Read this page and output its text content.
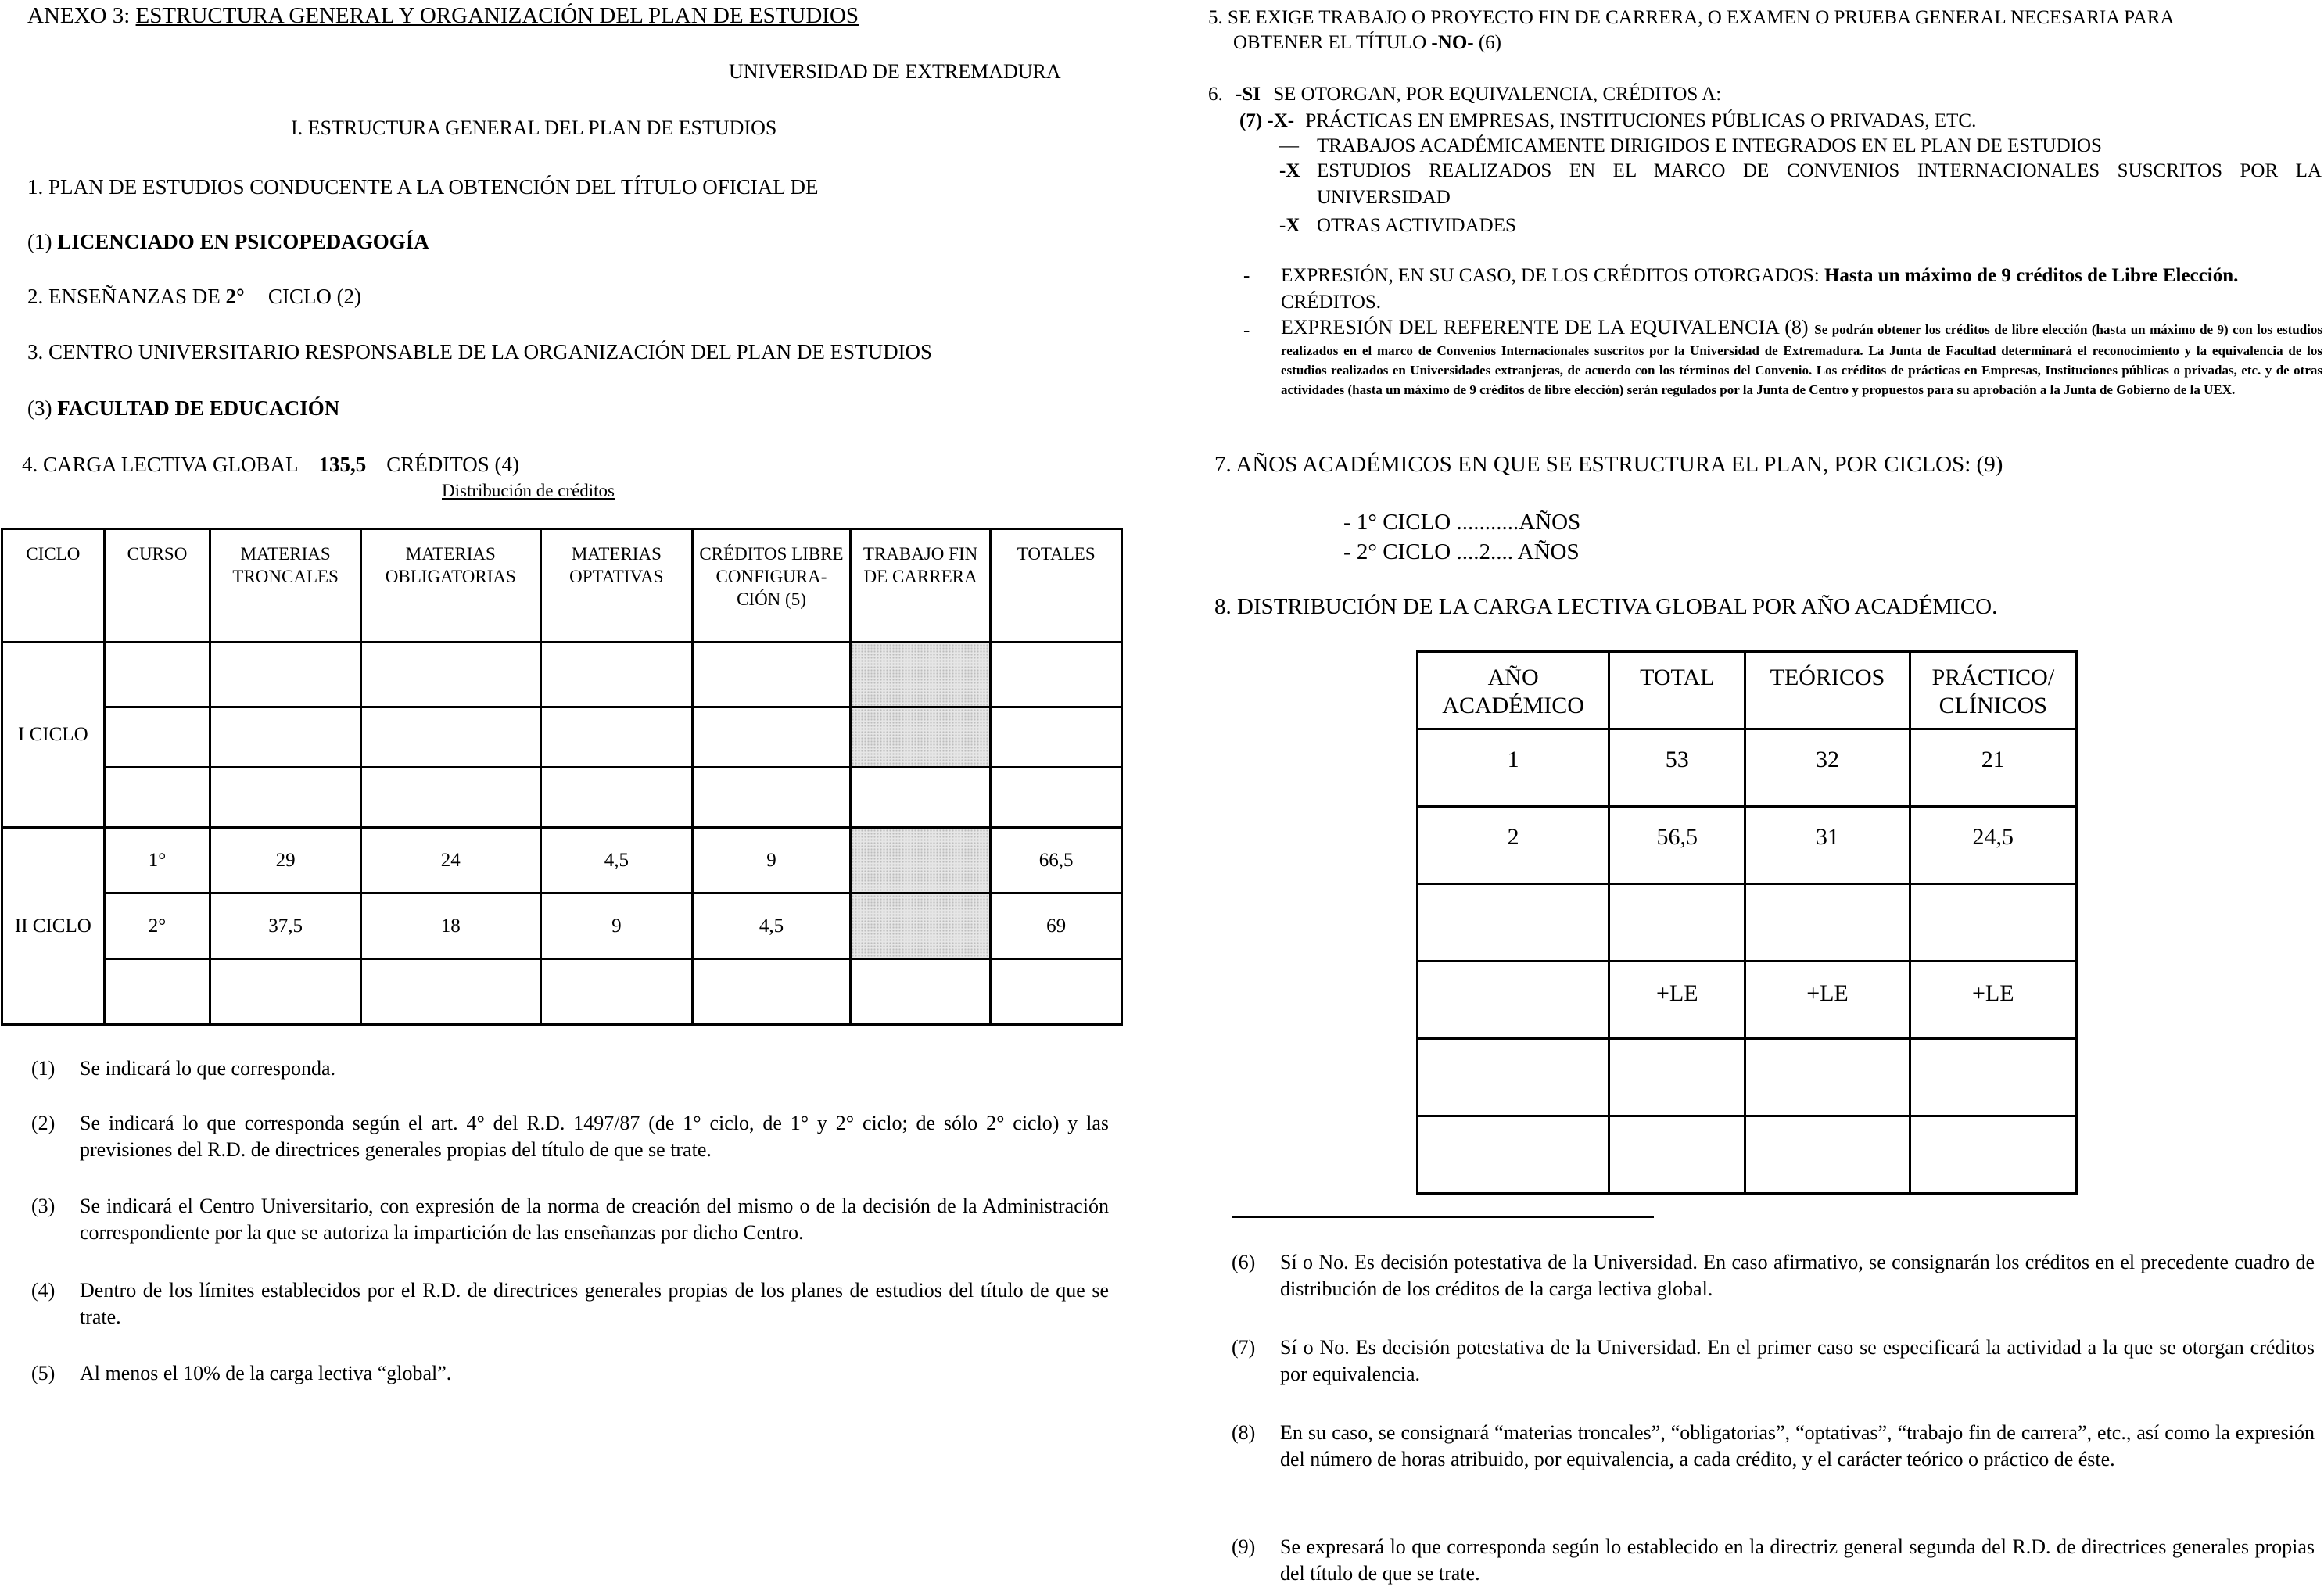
ANEXO 3: ESTRUCTURA GENERAL Y ORGANIZACIÓN DEL PLAN DE ESTUDIOS
UNIVERSIDAD DE EXTREMADURA
I. ESTRUCTURA GENERAL DEL PLAN DE ESTUDIOS
1. PLAN DE ESTUDIOS CONDUCENTE A LA OBTENCIÓN DEL TÍTULO OFICIAL DE
(1) LICENCIADO EN PSICOPEDAGOGÍA
2. ENSEÑANZAS DE 2° CICLO (2)
3. CENTRO UNIVERSITARIO RESPONSABLE DE LA ORGANIZACIÓN DEL PLAN DE ESTUDIOS
(3) FACULTAD DE EDUCACIÓN
4. CARGA LECTIVA GLOBAL 135,5 CRÉDITOS (4)
Distribución de créditos
CICLO	CURSO	MATERIAS TRONCALES	MATERIAS OBLIGATORIAS	MATERIAS OPTATIVAS	CRÉDITOS LIBRE CONFIGURA- CIÓN (5)	TRABAJO FIN DE CARRERA	TOTALES
I CICLO							

II CICLO	1°	29	24	4,5	9		66,5
	2°	37,5	18	9	4,5		69

(1) Se indicará lo que corresponda.
(2) Se indicará lo que corresponda según el art. 4° del R.D. 1497/87 (de 1° ciclo, de 1° y 2° ciclo; de sólo 2° ciclo) y las previsiones del R.D. de directrices generales propias del título de que se trate.
(3) Se indicará el Centro Universitario, con expresión de la norma de creación del mismo o de la decisión de la Administración correspondiente por la que se autoriza la impartición de las enseñanzas por dicho Centro.
(4) Dentro de los límites establecidos por el R.D. de directrices generales propias de los planes de estudios del título de que se trate.
(5) Al menos el 10% de la carga lectiva “global”.
5. SE EXIGE TRABAJO O PROYECTO FIN DE CARRERA, O EXAMEN O PRUEBA GENERAL NECESARIA PARA
OBTENER EL TÍTULO -NO- (6)
6. -SI SE OTORGAN, POR EQUIVALENCIA, CRÉDITOS A:
(7) -X- PRÁCTICAS EN EMPRESAS, INSTITUCIONES PÚBLICAS O PRIVADAS, ETC.
— TRABAJOS ACADÉMICAMENTE DIRIGIDOS E INTEGRADOS EN EL PLAN DE ESTUDIOS
-X ESTUDIOS REALIZADOS EN EL MARCO DE CONVENIOS INTERNACIONALES SUSCRITOS POR LA UNIVERSIDAD
-X OTRAS ACTIVIDADES
- EXPRESIÓN, EN SU CASO, DE LOS CRÉDITOS OTORGADOS: Hasta un máximo de 9 créditos de Libre Elección.
CRÉDITOS.
- EXPRESIÓN DEL REFERENTE DE LA EQUIVALENCIA (8) Se podrán obtener los créditos de libre elección (hasta un máximo de 9) con los estudios realizados en el marco de Convenios Internacionales suscritos por la Universidad de Extremadura. La Junta de Facultad determinará el reconocimiento y la equivalencia de los estudios realizados en Universidades extranjeras, de acuerdo con los términos del Convenio. Los créditos de prácticas en Empresas, Instituciones públicas o privadas, etc. y de otras actividades (hasta un máximo de 9 créditos de libre elección) serán regulados por la Junta de Centro y propuestos para su aprobación a la Junta de Gobierno de la UEX.
7. AÑOS ACADÉMICOS EN QUE SE ESTRUCTURA EL PLAN, POR CICLOS: (9)
- 1° CICLO ...........AÑOS
- 2° CICLO ....2.... AÑOS
8. DISTRIBUCIÓN DE LA CARGA LECTIVA GLOBAL POR AÑO ACADÉMICO.
AÑO ACADÉMICO	TOTAL	TEÓRICOS	PRÁCTICO/ CLÍNICOS
1	53	32	21
2	56,5	31	24,5

	+LE	+LE	+LE

(6) Sí o No. Es decisión potestativa de la Universidad. En caso afirmativo, se consignarán los créditos en el precedente cuadro de distribución de los créditos de la carga lectiva global.
(7) Sí o No. Es decisión potestativa de la Universidad. En el primer caso se especificará la actividad a la que se otorgan créditos por equivalencia.
(8) En su caso, se consignará “materias troncales”, “obligatorias”, “optativas”, “trabajo fin de carrera”, etc., así como la expresión del número de horas atribuido, por equivalencia, a cada crédito, y el carácter teórico o práctico de éste.
(9) Se expresará lo que corresponda según lo establecido en la directriz general segunda del R.D. de directrices generales propias del título de que se trate.
